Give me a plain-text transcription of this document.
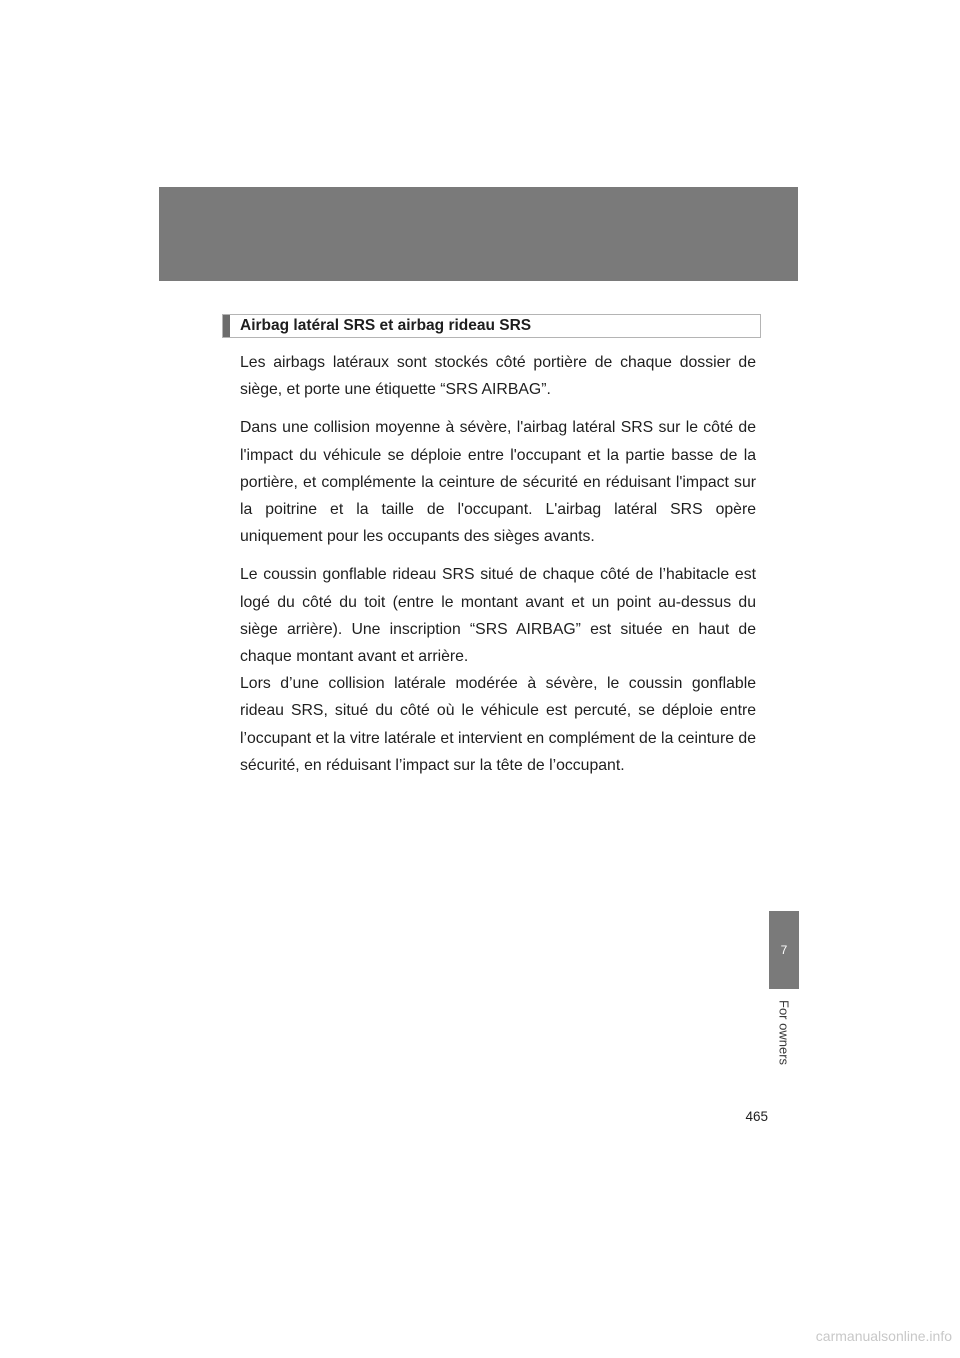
Airbag latéral SRS et airbag rideau SRS

Les airbags latéraux sont stockés côté portière de chaque dossier de siège, et porte une étiquette “SRS AIRBAG”.

Dans une collision moyenne à sévère, l'airbag latéral SRS sur le côté de l'impact du véhicule se déploie entre l'occupant et la partie basse de la portière, et complémente la ceinture de sécurité en réduisant l'impact sur la poitrine et la taille de l'occupant. L'airbag latéral SRS opère uniquement pour les occupants des sièges avants.

Le coussin gonflable rideau SRS situé de chaque côté de l’habitacle est logé du côté du toit (entre le montant avant et un point au-dessus du siège arrière). Une inscription “SRS AIRBAG” est située en haut de chaque montant avant et arrière.

Lors d’une collision latérale modérée à sévère, le coussin gonflable rideau SRS, situé du côté où le véhicule est percuté, se déploie entre l’occupant et la vitre latérale et intervient en complément de la ceinture de sécurité, en réduisant l’impact sur la tête de l’occupant.

7
For owners
465
carmanualsonline.info
